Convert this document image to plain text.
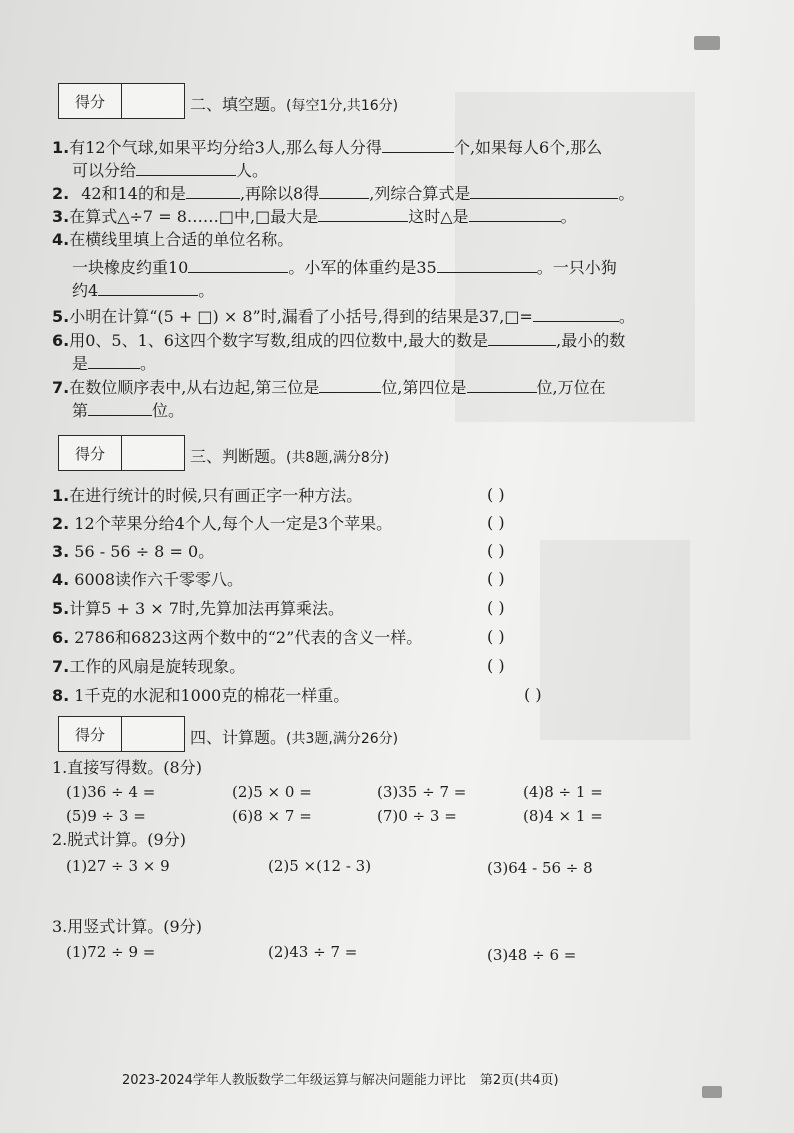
得分	二、填空题。(每空1分,共16分)
1.有12个气球,如果平均分给3人,那么每人分得	个,如果每人6个,那么
可以分给	人。
2. 42和14的和是	,再除以8得	,列综合算式是	。
3.在算式△÷7 = 8……□中,□最大是	这时△是	。
4.在横线里填上合适的单位名称。
一块橡皮约重10	。小军的体重约是35	。一只小狗
约4	。
5.小明在计算“(5 + □) × 8”时,漏看了小括号,得到的结果是37,□=	。
6.用0、5、1、6这四个数字写数,组成的四位数中,最大的数是	,最小的数
是	。
7.在数位顺序表中,从右边起,第三位是	位,第四位是	位,万位在
第	位。
得分	三、判断题。(共8题,满分8分)
1.在进行统计的时候,只有画正字一种方法。	( )
2. 12个苹果分给4个人,每个人一定是3个苹果。	( )
3. 56 - 56 ÷ 8 = 0。	( )
4. 6008读作六千零零八。	( )
5.计算5 + 3 × 7时,先算加法再算乘法。	( )
6. 2786和6823这两个数中的“2”代表的含义一样。	( )
7.工作的风扇是旋转现象。	( )
8. 1千克的水泥和1000克的棉花一样重。	( )
得分	四、计算题。(共3题,满分26分)
1.直接写得数。(8分)
(1)36 ÷ 4 =	(2)5 × 0 =	(3)35 ÷ 7 =	(4)8 ÷ 1 =
(5)9 ÷ 3 =	(6)8 × 7 =	(7)0 ÷ 3 =	(8)4 × 1 =
2.脱式计算。(9分)
(1)27 ÷ 3 × 9	(2)5 ×(12 - 3)	(3)64 - 56 ÷ 8
3.用竖式计算。(9分)
(1)72 ÷ 9 =	(2)43 ÷ 7 =	(3)48 ÷ 6 =
2023-2024学年人教版数学二年级运算与解决问题能力评比 第2页(共4页)
